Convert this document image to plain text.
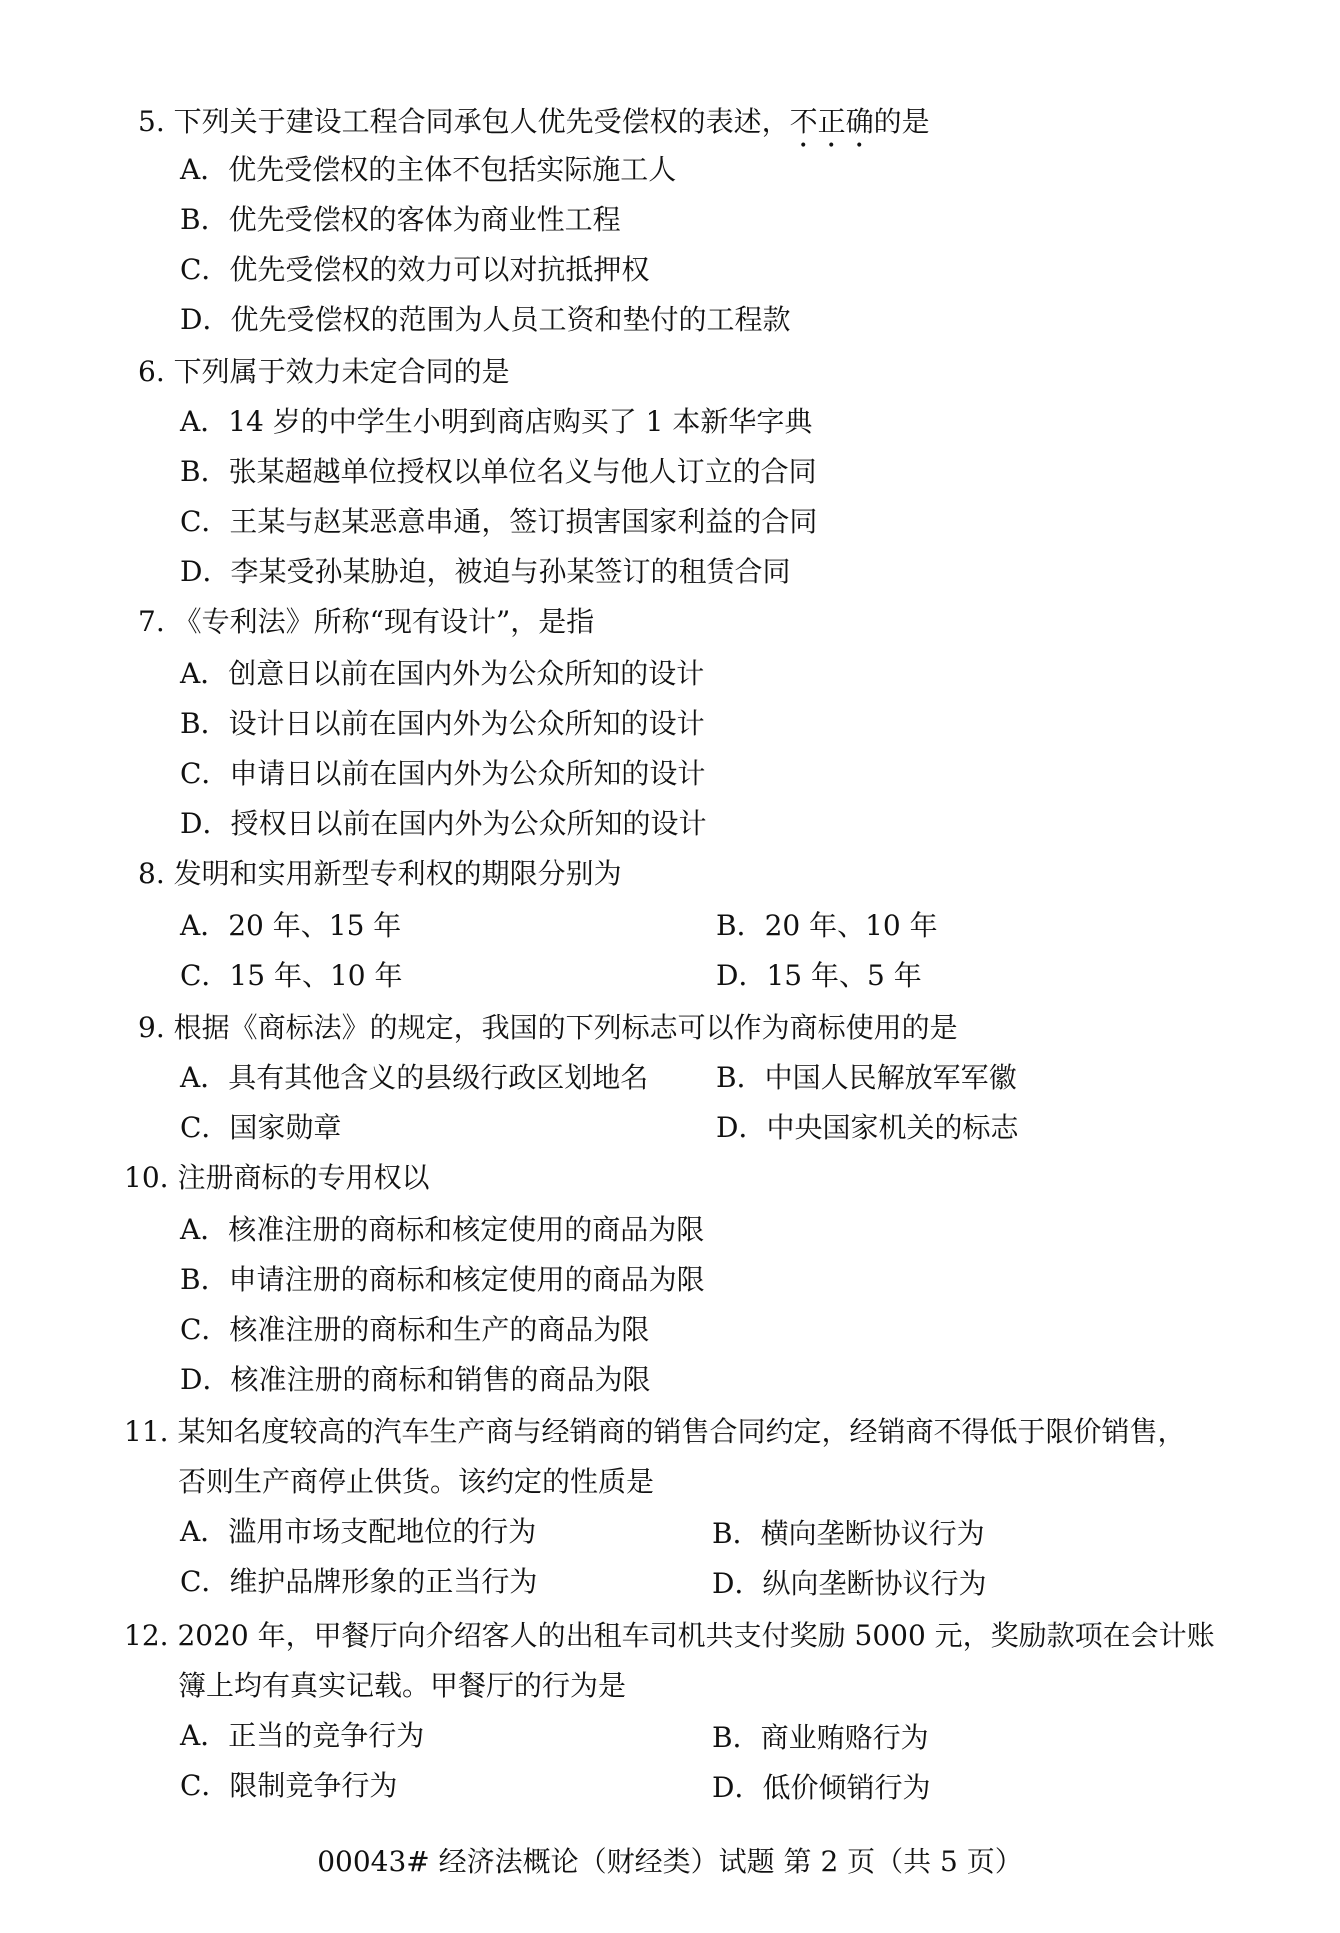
5. 下列关于建设工程合同承包人优先受偿权的表述，不正确的是
A．优先受偿权的主体不包括实际施工人
B．优先受偿权的客体为商业性工程
C．优先受偿权的效力可以对抗抵押权
D．优先受偿权的范围为人员工资和垫付的工程款
6. 下列属于效力未定合同的是
A．14 岁的中学生小明到商店购买了 1 本新华字典
B．张某超越单位授权以单位名义与他人订立的合同
C．王某与赵某恶意串通，签订损害国家利益的合同
D．李某受孙某胁迫，被迫与孙某签订的租赁合同
7. 《专利法》所称“现有设计”，是指
A．创意日以前在国内外为公众所知的设计
B．设计日以前在国内外为公众所知的设计
C．申请日以前在国内外为公众所知的设计
D．授权日以前在国内外为公众所知的设计
8. 发明和实用新型专利权的期限分别为
A．20 年、15 年	B．20 年、10 年
C．15 年、10 年	D．15 年、5 年
9. 根据《商标法》的规定，我国的下列标志可以作为商标使用的是
A．具有其他含义的县级行政区划地名 B．中国人民解放军军徽
C．国家勋章	D．中央国家机关的标志
10. 注册商标的专用权以
A．核准注册的商标和核定使用的商品为限
B．申请注册的商标和核定使用的商品为限
C．核准注册的商标和生产的商品为限
D．核准注册的商标和销售的商品为限
11. 某知名度较高的汽车生产商与经销商的销售合同约定，经销商不得低于限价销售，
否则生产商停止供货。该约定的性质是
A．滥用市场支配地位的行为	B．横向垄断协议行为
C．维护品牌形象的正当行为	D．纵向垄断协议行为
12. 2020 年，甲餐厅向介绍客人的出租车司机共支付奖励 5000 元，奖励款项在会计账
簿上均有真实记载。甲餐厅的行为是
A．正当的竞争行为	B．商业贿赂行为
C．限制竞争行为	D．低价倾销行为
00043# 经济法概论（财经类）试题 第 2 页（共 5 页）
